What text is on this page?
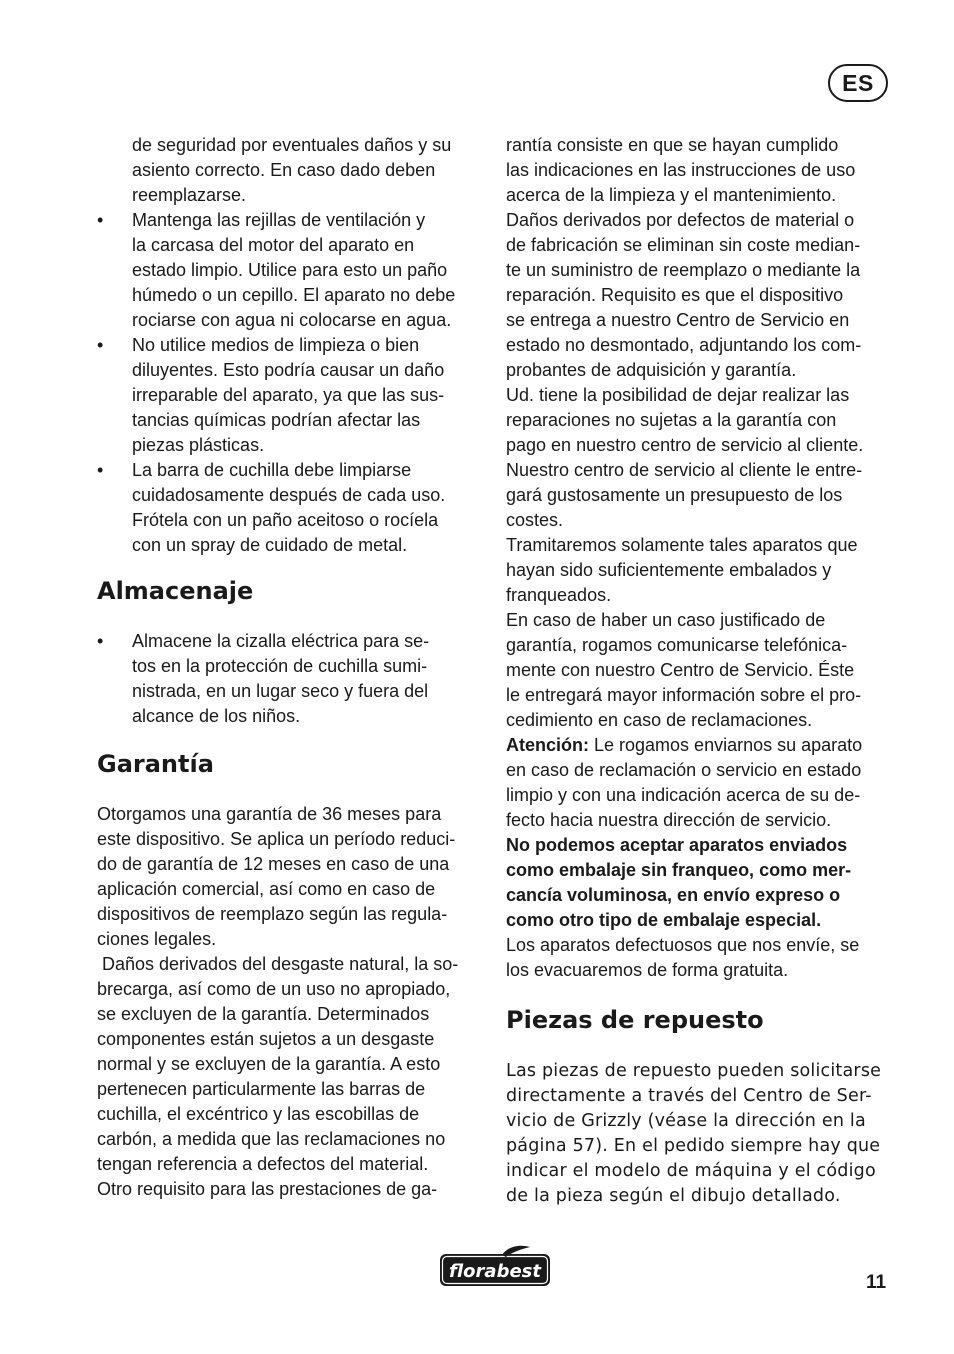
ES

de seguridad por eventuales daños y su

asiento correcto. En caso dado deben

reemplazarse.

•	Mantenga las rejillas de ventilación y

la carcasa del motor del aparato en

estado limpio. Utilice para esto un paño

húmedo o un cepillo. El aparato no debe

rociarse con agua ni colocarse en agua.

•	No utilice medios de limpieza o bien

diluyentes. Esto podría causar un daño

irreparable del aparato, ya que las sus-

tancias químicas podrían afectar las

piezas plásticas.

•	La barra de cuchilla debe limpiarse

cuidadosamente después de cada uso.

Frótela con un paño aceitoso o rocíela

con un spray de cuidado de metal.

Almacenaje
•	Almacene la cizalla eléctrica para se-

tos en la protección de cuchilla sumi-

nistrada, en un lugar seco y fuera del

alcance de los niños.

Garantía

Otorgamos una garantía de 36 meses para

este dispositivo. Se aplica un período reduci-

do de garantía de 12 meses en caso de una

aplicación comercial, así como en caso de

dispositivos de reemplazo según las regula-

ciones legales.

Daños derivados del desgaste natural, la so-

brecarga, así como de un uso no apropiado,

se excluyen de la garantía. Determinados

componentes están sujetos a un desgaste

normal y se excluyen de la garantía. A esto

pertenecen particularmente las barras de

cuchilla, el excéntrico y las escobillas de

carbón, a medida que las reclamaciones no

tengan referencia a defectos del material.

Otro requisito para las prestaciones de ga-

rantía consiste en que se hayan cumplido

las indicaciones en las instrucciones de uso

acerca de la limpieza y el mantenimiento.

Daños derivados por defectos de material o

de fabricación se eliminan sin coste median-

te un suministro de reemplazo o mediante la

reparación. Requisito es que el dispositivo

se entrega a nuestro Centro de Servicio en

estado no desmontado, adjuntando los com-

probantes de adquisición y garantía.

Ud. tiene la posibilidad de dejar realizar las

reparaciones no sujetas a la garantía con

pago en nuestro centro de servicio al cliente.

Nuestro centro de servicio al cliente le entre-

gará gustosamente un presupuesto de los

costes.

Tramitaremos solamente tales aparatos que

hayan sido suficientemente embalados y

franqueados.

En caso de haber un caso justificado de

garantía, rogamos comunicarse telefónica-

mente con nuestro Centro de Servicio. Éste

le entregará mayor información sobre el pro-

cedimiento en caso de reclamaciones.

Atención: Le rogamos enviarnos su aparato

en caso de reclamación o servicio en estado

limpio y con una indicación acerca de su de-

fecto hacia nuestra dirección de servicio.

No podemos aceptar aparatos enviados

como embalaje sin franqueo, como mer-

cancía voluminosa, en envío expreso o

como otro tipo de embalaje especial.

Los aparatos defectuosos que nos envíe, se

los evacuaremos de forma gratuita.

Piezas de repuesto

Las piezas de repuesto pueden solicitarse

directamente a través del Centro de Ser-

vicio de Grizzly (véase la dirección en la

página 57). En el pedido siempre hay que

indicar el modelo de máquina y el código

de la pieza según el dibujo detallado.

florabest
11
